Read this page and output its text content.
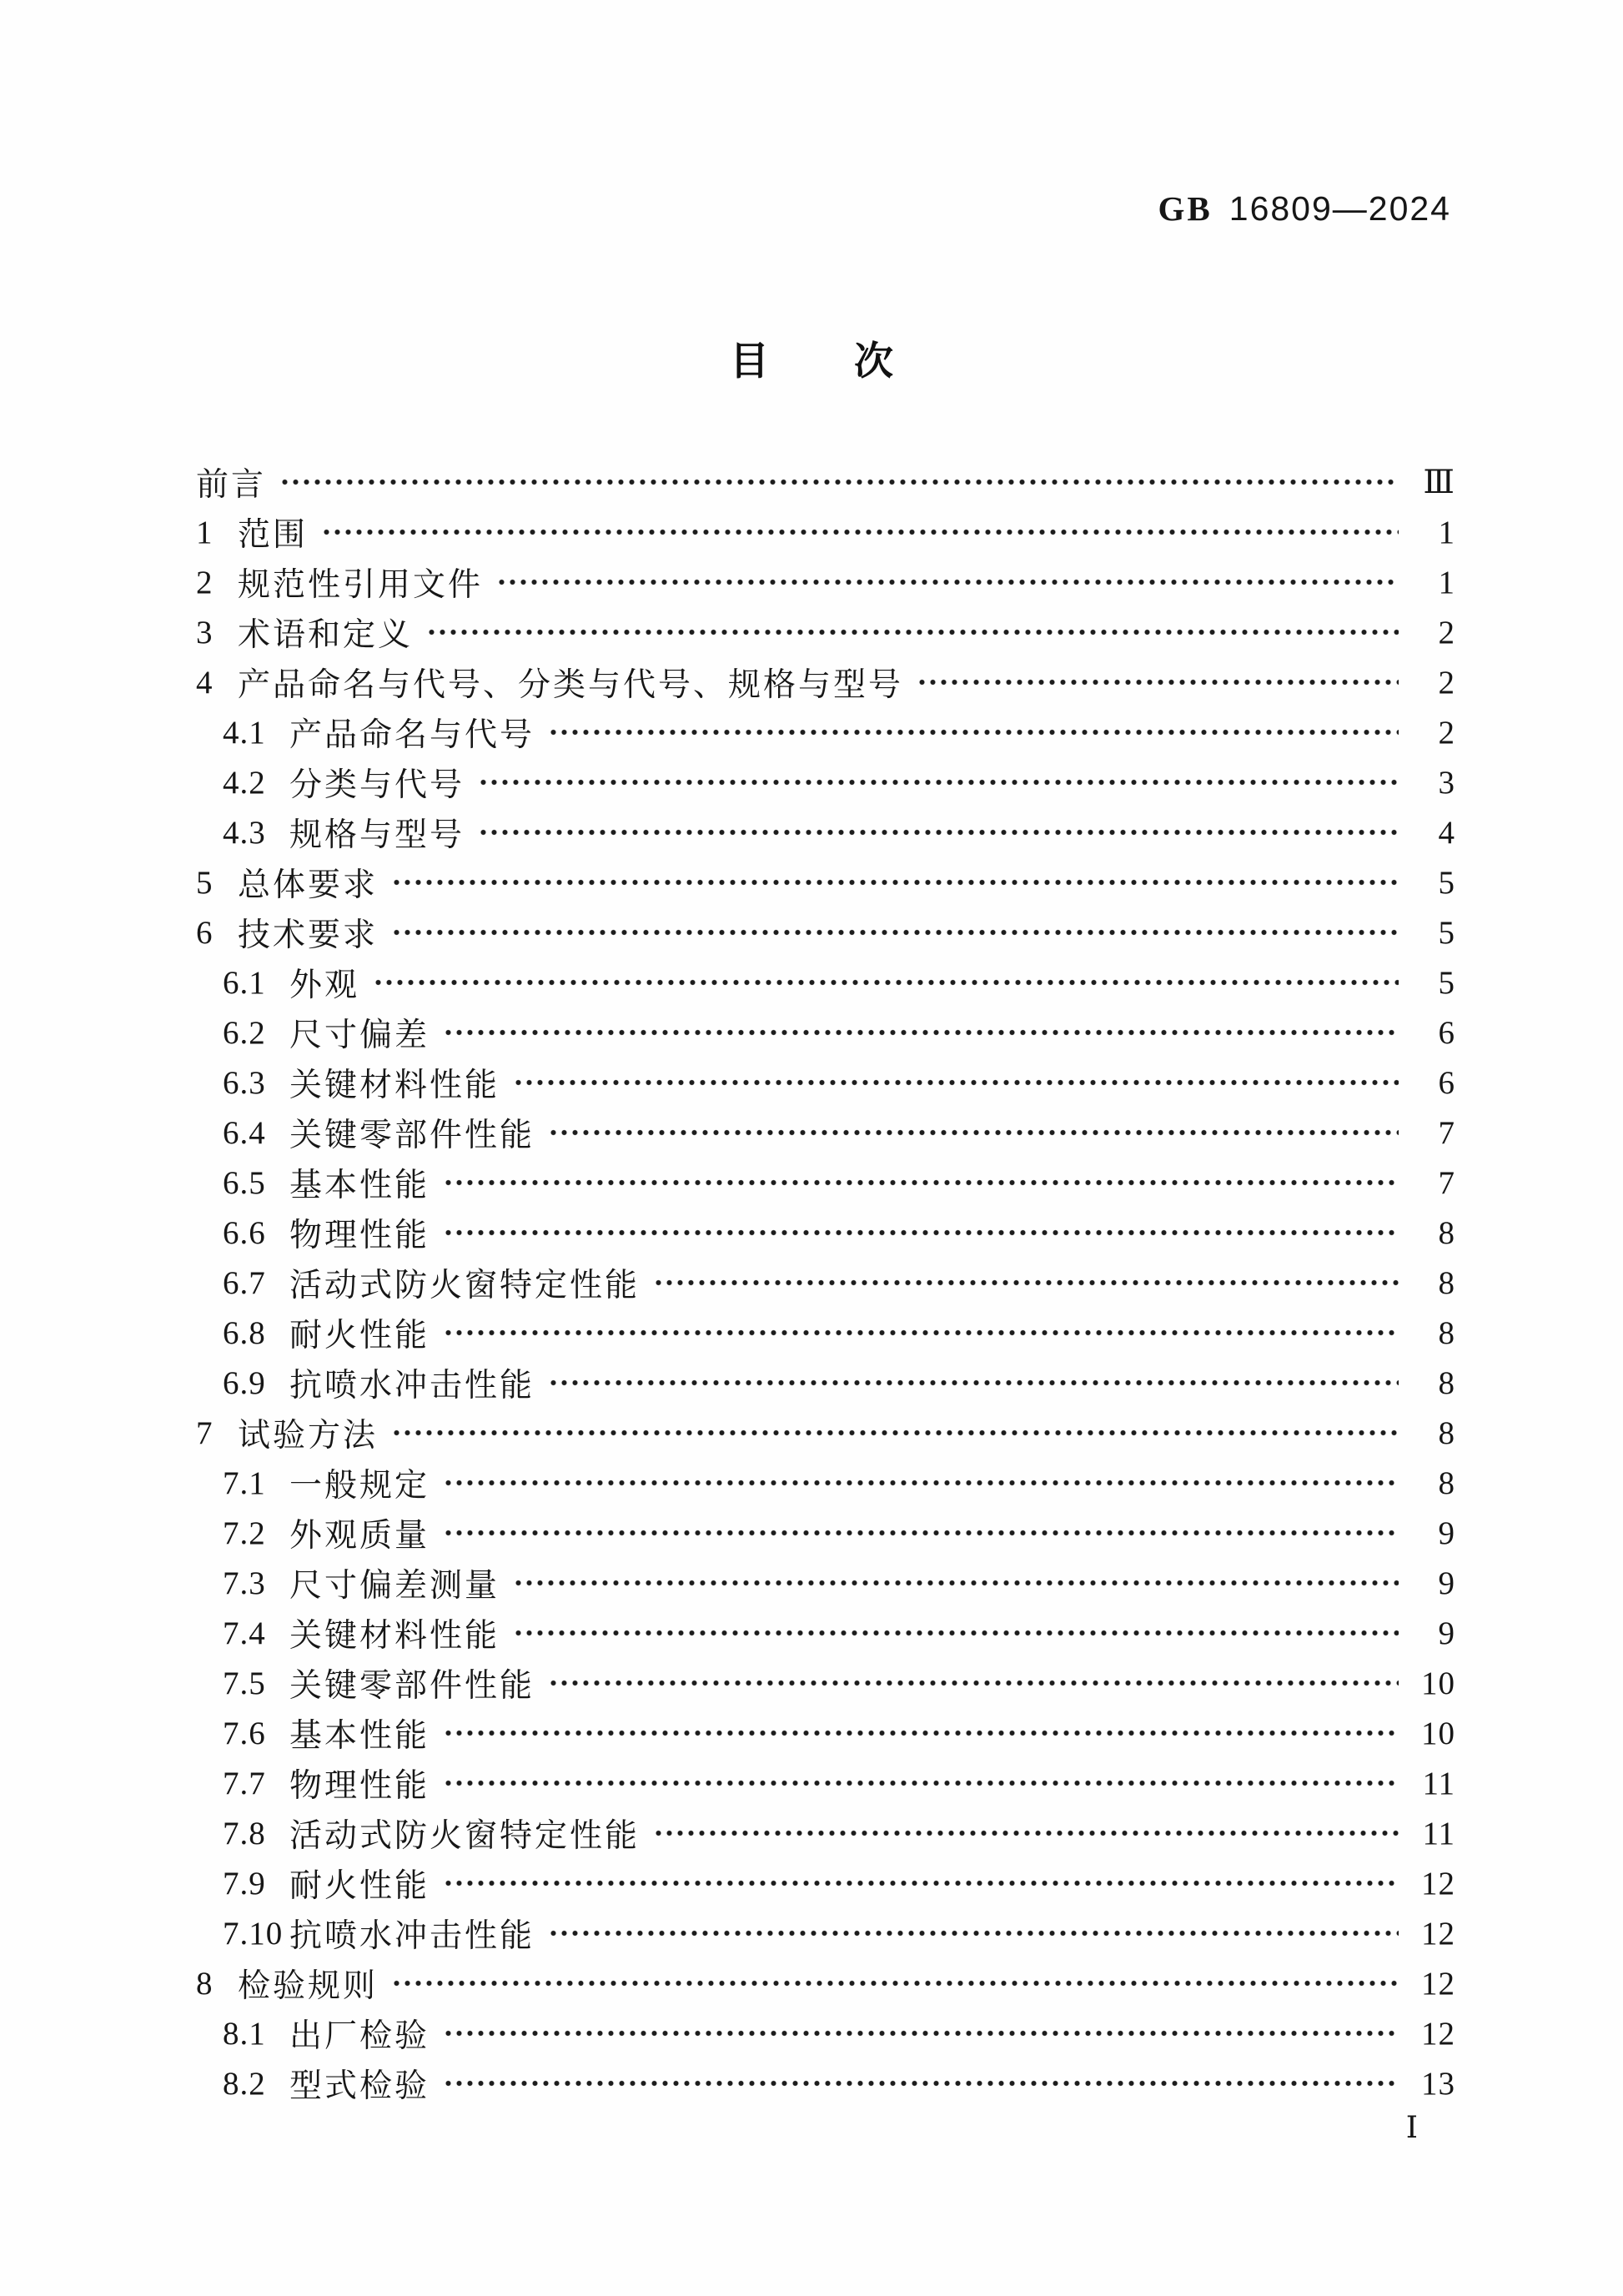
GB 16809—2024
目 次
前言	Ⅲ
1 范围	1
2 规范性引用文件	1
3 术语和定义	2
4 产品命名与代号、分类与代号、规格与型号	2
4.1 产品命名与代号	2
4.2 分类与代号	3
4.3 规格与型号	4
5 总体要求	5
6 技术要求	5
6.1 外观	5
6.2 尺寸偏差	6
6.3 关键材料性能	6
6.4 关键零部件性能	7
6.5 基本性能	7
6.6 物理性能	8
6.7 活动式防火窗特定性能	8
6.8 耐火性能	8
6.9 抗喷水冲击性能	8
7 试验方法	8
7.1 一般规定	8
7.2 外观质量	9
7.3 尺寸偏差测量	9
7.4 关键材料性能	9
7.5 关键零部件性能	10
7.6 基本性能	10
7.7 物理性能	11
7.8 活动式防火窗特定性能	11
7.9 耐火性能	12
7.10 抗喷水冲击性能	12
8 检验规则	12
8.1 出厂检验	12
8.2 型式检验	13
Ⅰ
